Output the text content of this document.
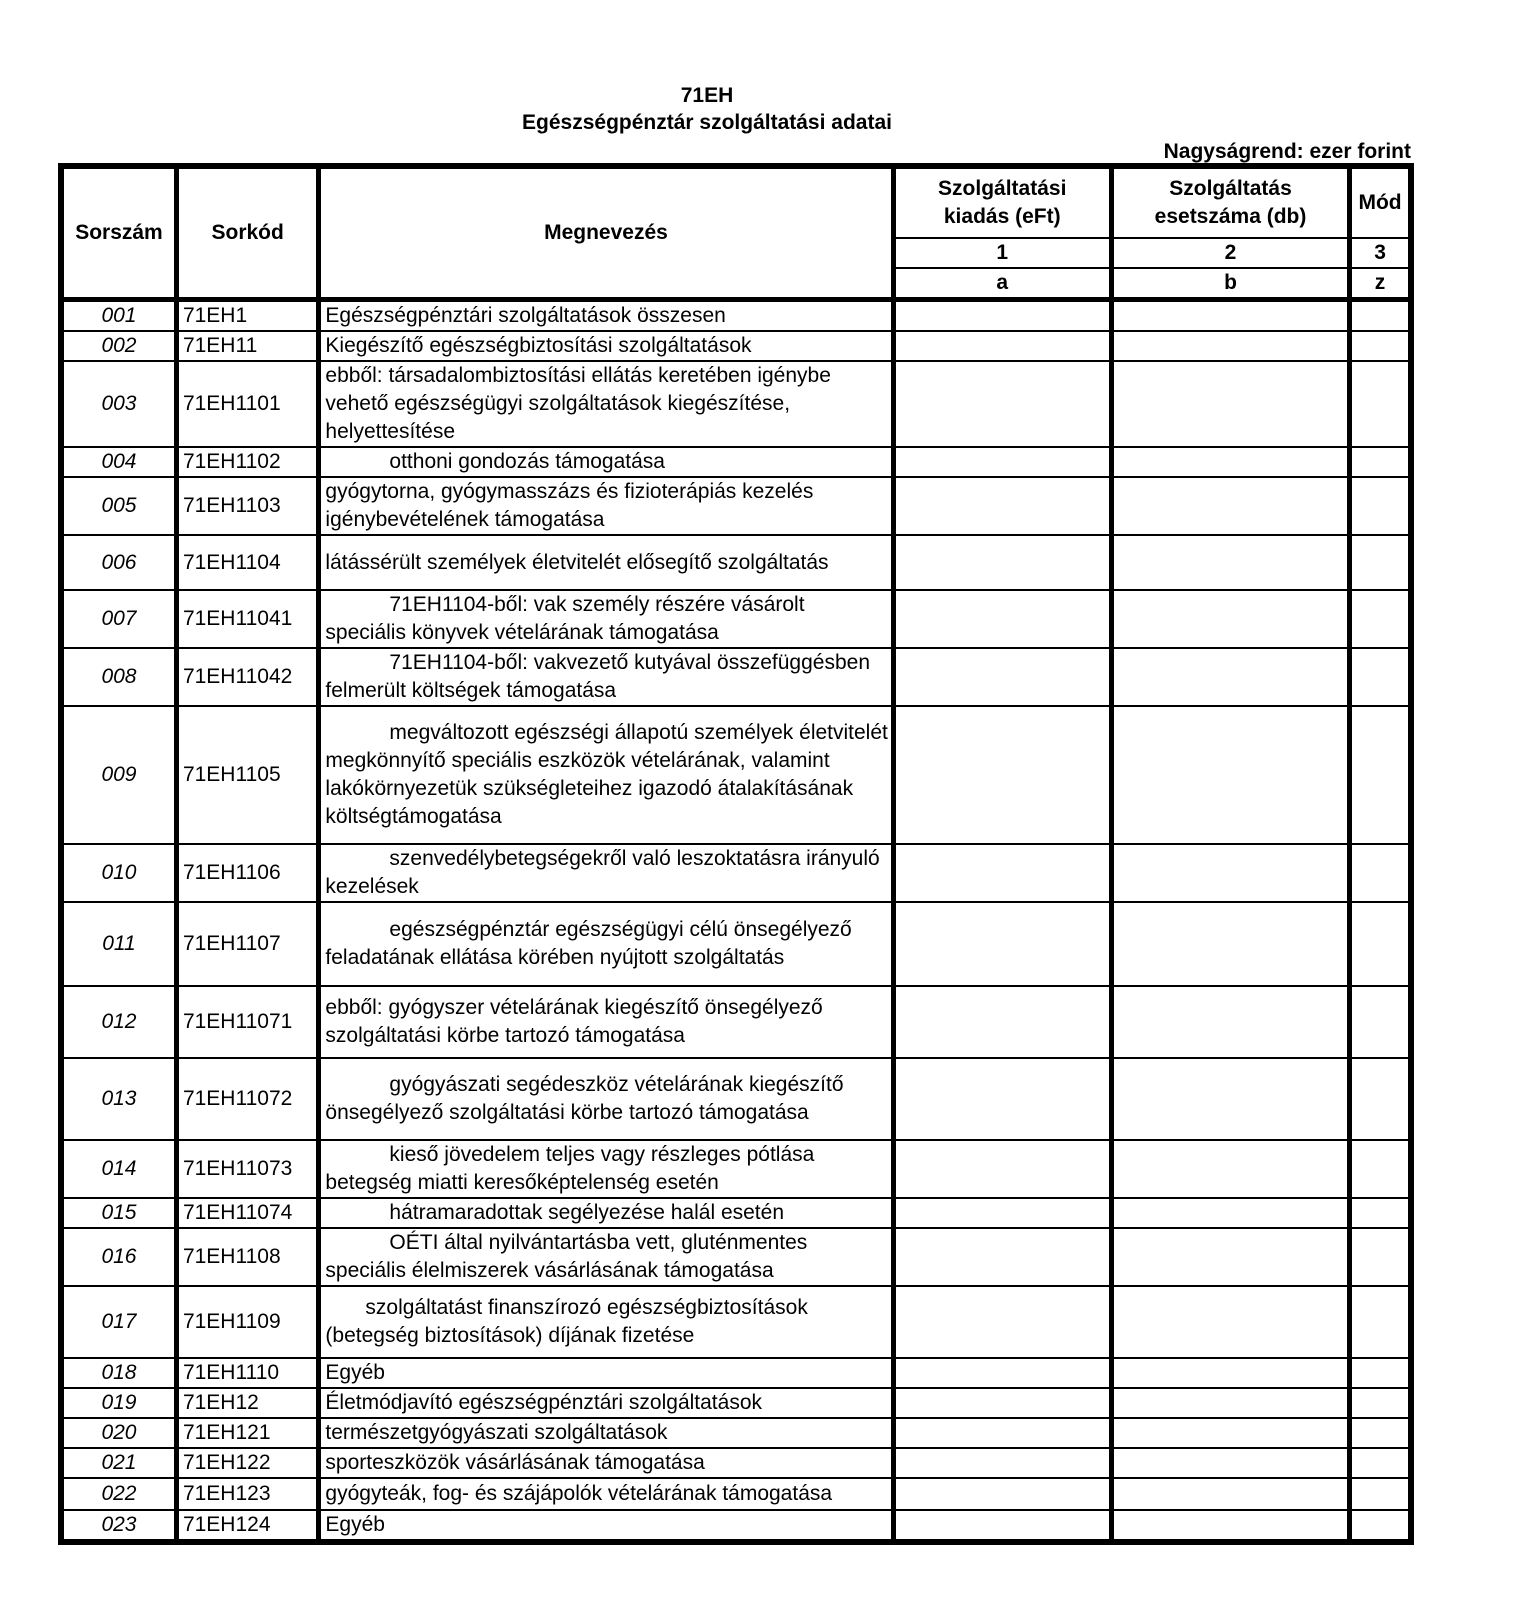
71EH
Egészségpénztár szolgáltatási adatai
Nagyságrend: ezer forint
Sorszám	Sorkód	Megnevezés	Szolgáltatási kiadás (eFt)	Szolgáltatás esetszáma (db)	Mód
			1	2	3
			a	b	z
001	71EH1	Egészségpénztári szolgáltatások összesen			
002	71EH11	Kiegészítő egészségbiztosítási szolgáltatások			
003	71EH1101	ebből: társadalombiztosítási ellátás keretében igénybe vehető egészségügyi szolgáltatások kiegészítése, helyettesítése			
004	71EH1102	otthoni gondozás támogatása			

005	71EH1103	gyógytorna, gyógymasszázs és fizioterápiás kezelés igénybevételének támogatása			
006	71EH1104	látássérült személyek életvitelét elősegítő szolgáltatás			
007	71EH11041	71EH1104-ből: vak személy részére vásárolt speciális könyvek vételárának támogatása			

008	71EH11042	71EH1104-ből: vakvezető kutyával összefüggésben felmerült költségek támogatása			

009	71EH1105	megváltozott egészségi állapotú személyek életvitelét megkönnyítő speciális eszközök vételárának, valamint lakókörnyezetük szükségleteihez igazodó átalakításának költségtámogatása			

010	71EH1106	szenvedélybetegségekről való leszoktatásra irányuló kezelések			

011	71EH1107	egészségpénztár egészségügyi célú önsegélyező feladatának ellátása körében nyújtott szolgáltatás			

012	71EH11071	ebből: gyógyszer vételárának kiegészítő önsegélyező szolgáltatási körbe tartozó támogatása			
013	71EH11072	gyógyászati segédeszköz vételárának kiegészítő önsegélyező szolgáltatási körbe tartozó támogatása			

014	71EH11073	kieső jövedelem teljes vagy részleges pótlása betegség miatti keresőképtelenség esetén			

015	71EH11074	hátramaradottak segélyezése halál esetén			

016	71EH1108	OÉTI által nyilvántartásba vett, gluténmentes speciális élelmiszerek vásárlásának támogatása			

017	71EH1109	szolgáltatást finanszírozó egészségbiztosítások (betegség biztosítások) díjának fizetése			

018	71EH1110	Egyéb			
019	71EH12	Életmódjavító egészségpénztári szolgáltatások			
020	71EH121	természetgyógyászati szolgáltatások			
021	71EH122	sporteszközök vásárlásának támogatása			
022	71EH123	gyógyteák, fog- és szájápolók vételárának támogatása			
023	71EH124	Egyéb			
